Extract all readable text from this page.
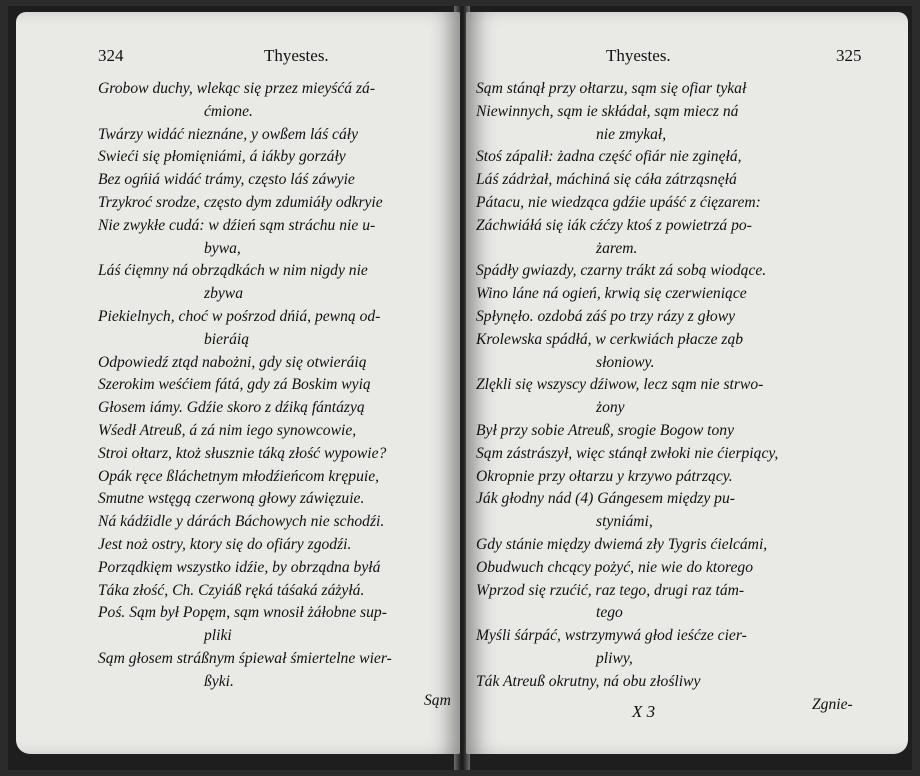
324	Thyestes.
Grobow duchy, wlekąc się przez mieyśćá zá-
ćmione.
Twárzy widáć nieznáne, y owßem láś cáły
Swieći się płomięniámi, á iákby gorzáły
Bez ogńiá widáć trámy, często láś záwyie
Trzykroć srodze, często dym zdumiáły odkryie
Nie zwykłe cudá: w dźień sąm stráchu nie u-
bywa,
Láś ćięmny ná obrządkách w nim nigdy nie
zbywa
Piekielnych, choć w pośrzod dńiá, pewną od-
bieráią
Odpowiedź ztąd nabożni, gdy się otwieráią
Szerokim weśćiem fátá, gdy zá Boskim wyią
Głosem iámy. Gdźie skoro z dźiką fántázyą
Wśedł Atreuß, á zá nim iego synowcowie,
Stroi ołtarz, ktoż słusznie táką złość wypowie?
Opák ręce ßláchetnym młodźieńcom krępuie,
Smutne wstęgą czerwoną głowy záwięzuie.
Ná kádźidle y dárách Báchowych nie schodźi.
Jest noż ostry, ktory się do ofiáry zgodźi.
Porządkięm wszystko idźie, by obrządna byłá
Táka złość, Ch. Czyiáß ręká táśaká záżyłá.
Poś. Sąm był Popęm, sąm wnosił żáłobne sup-
pliki
Sąm głosem stráßnym śpiewał śmiertelne wier-
ßyki.
Sąm
Thyestes.	325
Sąm stánął przy ołtarzu, sąm się ofiar tykał
Niewinnych, sąm ie skłádał, sąm miecz ná
nie zmykał,
Stoś zápalił: żadna część ofiár nie zginęłá,
Láś zádrżał, máchiná się cáła zátrząsnęłá
Pátacu, nie wiedząca gdźie upáść z ćięzarem:
Záchwiáłá się iák cźćzy ktoś z powietrzá po-
żarem.
Spádły gwiazdy, czarny trákt zá sobą wiodące.
Wino láne ná ogień, krwią się czerwieniące
Spłynęło. ozdobá záś po trzy rázy z głowy
Krolewska spádłá, w cerkwiách płacze ząb
słoniowy.
Zlękli się wszyscy dźiwow, lecz sąm nie strwo-
żony
Był przy sobie Atreuß, srogie Bogow tony
Sąm zástrászył, więc stánął zwłoki nie ćierpiący,
Okropnie przy ołtarzu y krzywo pátrzący.
Ják głodny nád (4) Gángesem między pu-
styniámi,
Gdy stánie między dwiemá zły Tygris ćielcámi,
Obudwuch chcący pożyć, nie wie do ktorego
Wprzod się rzućić, raz tego, drugi raz tám-
tego
Myśli śárpáć, wstrzymywá głod ieśćze cier-
pliwy,
Ták Atreuß okrutny, ná obu złośliwy
X 3	Zgnie-
